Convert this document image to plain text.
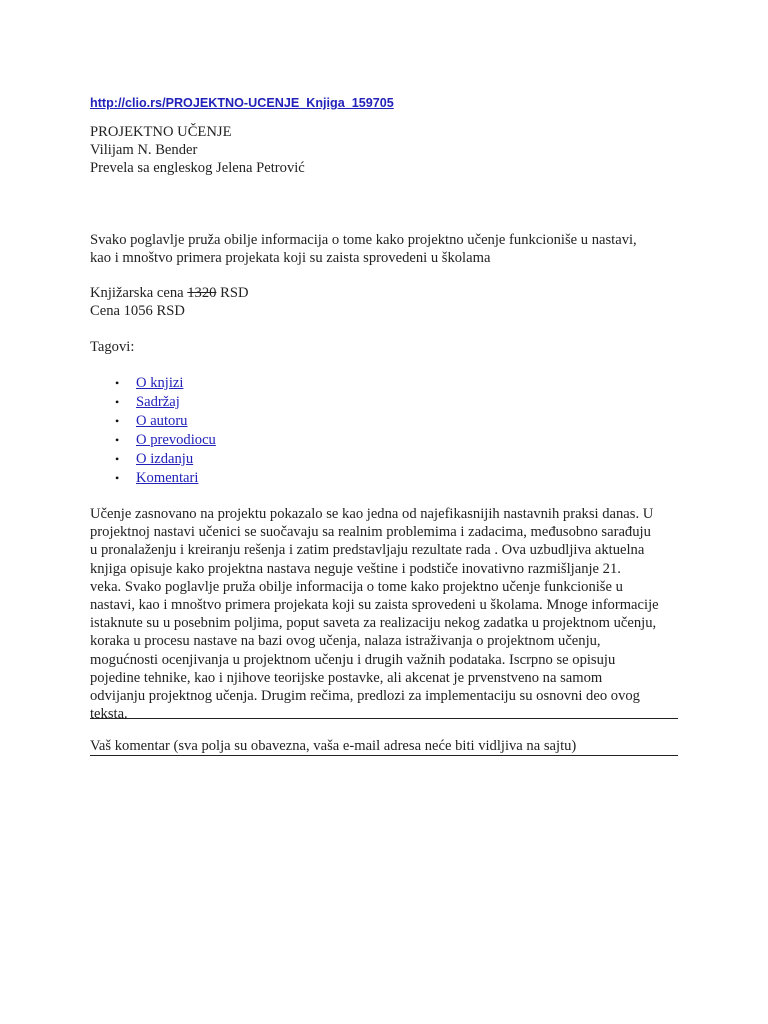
http://clio.rs/PROJEKTNO-UCENJE_Knjiga_159705
PROJEKTNO UČENJE
Vilijam N. Bender
Prevela sa engleskog Jelena Petrović
Svako poglavlje pruža obilje informacija o tome kako projektno učenje funkcioniše u nastavi,
kao i mnoštvo primera projekata koji su zaista sprovedeni u školama
Knjižarska cena 1320 RSD
Cena 1056 RSD
Tagovi:
• O knjizi
• Sadržaj
• O autoru
• O prevodiocu
• O izdanju
• Komentari
Učenje zasnovano na projektu pokazalo se kao jedna od najefikasnijih nastavnih praksi danas. U
projektnoj nastavi učenici se suočavaju sa realnim problemima i zadacima, međusobno sarađuju
u pronalaženju i kreiranju rešenja i zatim predstavljaju rezultate rada . Ova uzbudljiva aktuelna
knjiga opisuje kako projektna nastava neguje veštine i podstiče inovativno razmišljanje 21.
veka. Svako poglavlje pruža obilje informacija o tome kako projektno učenje funkcioniše u
nastavi, kao i mnoštvo primera projekata koji su zaista sprovedeni u školama. Mnoge informacije
istaknute su u posebnim poljima, poput saveta za realizaciju nekog zadatka u projektnom učenju,
koraka u procesu nastave na bazi ovog učenja, nalaza istraživanja o projektnom učenju,
mogućnosti ocenjivanja u projektnom učenju i drugih važnih podataka. Iscrpno se opisuju
pojedine tehnike, kao i njihove teorijske postavke, ali akcenat je prvenstveno na samom
odvijanju projektnog učenja. Drugim rečima, predlozi za implementaciju su osnovni deo ovog
teksta.
Vaš komentar (sva polja su obavezna, vaša e-mail adresa neće biti vidljiva na sajtu)
